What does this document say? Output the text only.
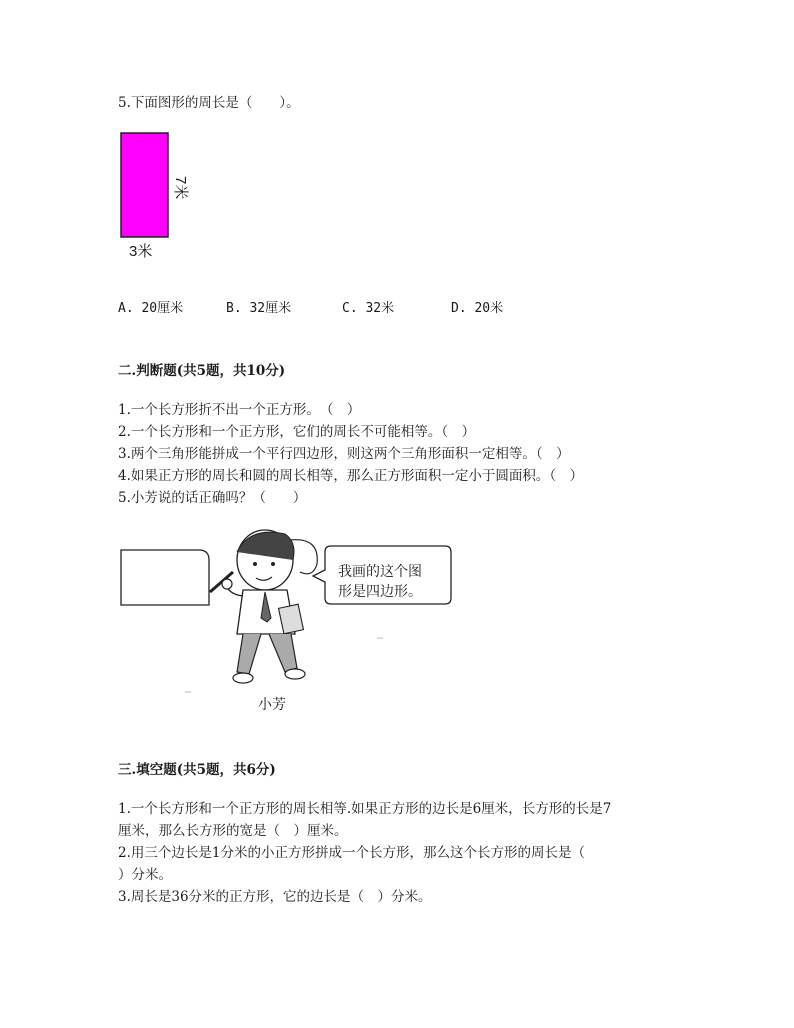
5.下面图形的周长是（　　）。
7米
3米
A. 20厘米	B. 32厘米	C. 32米	D. 20米
二.判断题(共5题，共10分)
1.一个长方形折不出一个正方形。　（　）
2.一个长方形和一个正方形，它们的周长不可能相等。（　）
3.两个三角形能拼成一个平行四边形，则这两个三角形面积一定相等。（　）
4.如果正方形的周长和圆的周长相等，那么正方形面积一定小于圆面积。（　）
5.小芳说的话正确吗？（　　）
我画的这个图
形是四边形。
小芳
三.填空题(共5题，共6分)
1.一个长方形和一个正方形的周长相等.如果正方形的边长是6厘米，长方形的长是7
厘米，那么长方形的宽是（　）厘米。
2.用三个边长是1分米的小正方形拼成一个长方形，那么这个长方形的周长是（
）分米。
3.周长是36分米的正方形，它的边长是（　）分米。
